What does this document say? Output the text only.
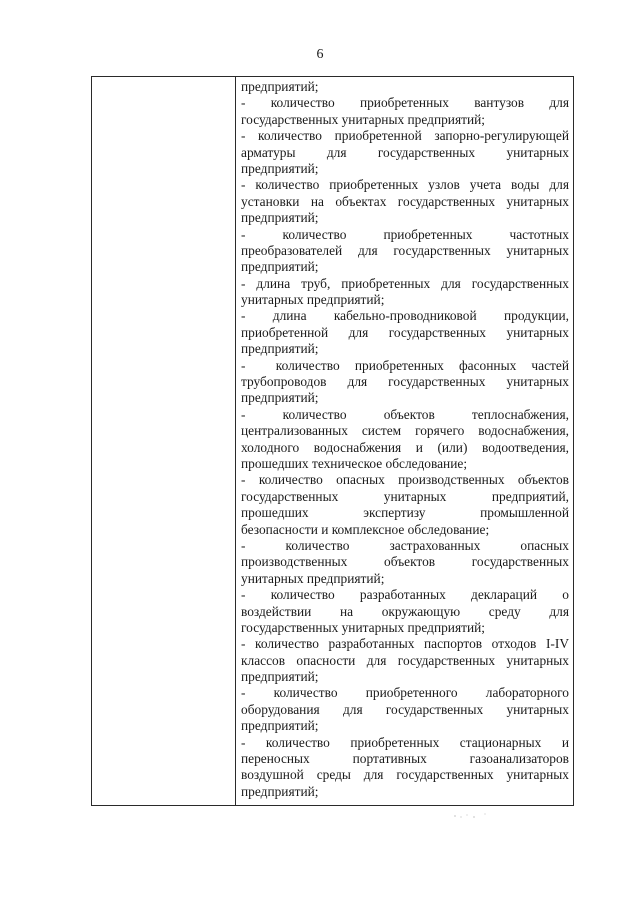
6
предприятий;
-  количество  приобретенных  вантузов  для
государственных унитарных предприятий;
- количество приобретенной запорно-регулирующей
арматуры  для  государственных  унитарных
предприятий;
- количество приобретенных узлов учета воды для
установки на объектах государственных унитарных
предприятий;
-  количество  приобретенных  частотных
преобразователей для государственных унитарных
предприятий;
- длина труб, приобретенных для государственных
унитарных предприятий;
-  длина  кабельно-проводниковой  продукции,
приобретенной  для  государственных  унитарных
предприятий;
-  количество приобретенных фасонных частей
трубопроводов  для  государственных  унитарных
предприятий;
-  количество  объектов  теплоснабжения,
централизованных систем горячего водоснабжения,
холодного водоснабжения и (или) водоотведения,
прошедших техническое обследование;
- количество опасных производственных объектов
государственных  унитарных  предприятий,
прошедших  экспертизу  промышленной
безопасности и комплексное обследование;
-  количество  застрахованных  опасных
производственных  объектов  государственных
унитарных предприятий;
-  количество  разработанных  деклараций  о
воздействии  на  окружающую  среду  для
государственных унитарных предприятий;
- количество разработанных паспортов отходов I-IV
классов опасности для государственных унитарных
предприятий;
-  количество  приобретенного  лабораторного
оборудования  для  государственных  унитарных
предприятий;
-  количество  приобретенных  стационарных  и
переносных  портативных  газоанализаторов
воздушной среды для государственных унитарных
предприятий;
